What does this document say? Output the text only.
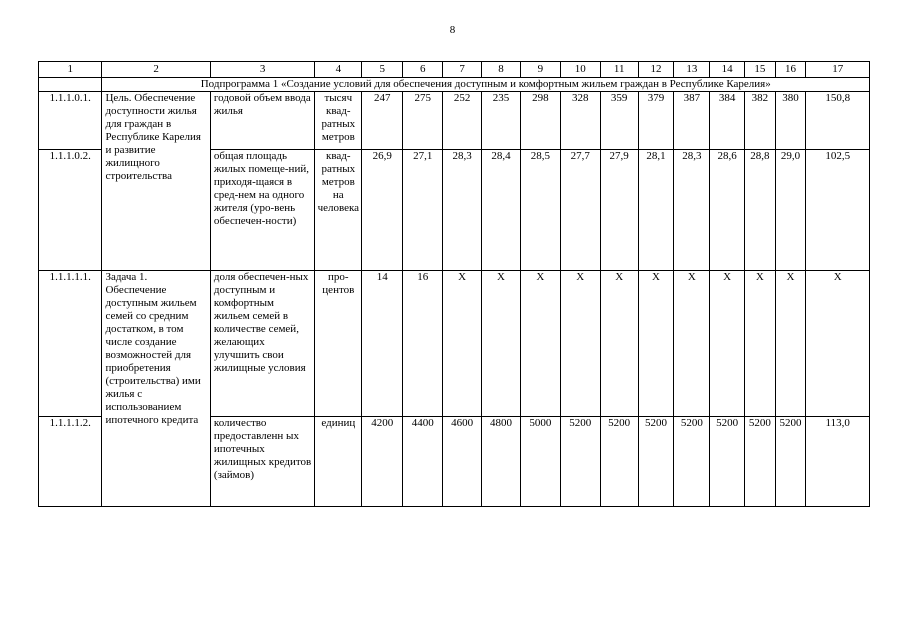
8
1	2	3	4	5	6	7	8	9	10	11	12	13	14	15	16	17
	Подпрограмма 1 «Создание условий для обеспечения доступным и комфортным жильем граждан в Республике Карелия»															
1.1.1.0.1.	Цель. Обеспечение доступности жилья для граждан в Республике Карелия и развитие жилищного строительства	годовой объем ввода жилья	тысяч квад-ратных метров	247	275	252	235	298	328	359	379	387	384	382	380	150,8
1.1.1.0.2.		общая площадь жилых помеще-ний, приходя-щаяся в сред-нем на одного жителя (уро-вень обеспечен-ности)	квад-ратных метров на человека	26,9	27,1	28,3	28,4	28,5	27,7	27,9	28,1	28,3	28,6	28,8	29,0	102,5
1.1.1.1.1.	Задача 1. Обеспечение доступным жильем семей со средним достатком, в том числе создание возможностей для приобретения (строительства) ими жилья с использованием ипотечного кредита	доля обеспечен-ных доступным и комфортным жильем семей в количестве семей, желающих улучшить свои жилищные условия	про-центов	14	16	Х	Х	Х	Х	Х	Х	Х	Х	Х	Х	Х
1.1.1.1.2.		количество предоставленн ых ипотечных жилищных кредитов (займов)	единиц	4200	4400	4600	4800	5000	5200	5200	5200	5200	5200	5200	5200	113,0
